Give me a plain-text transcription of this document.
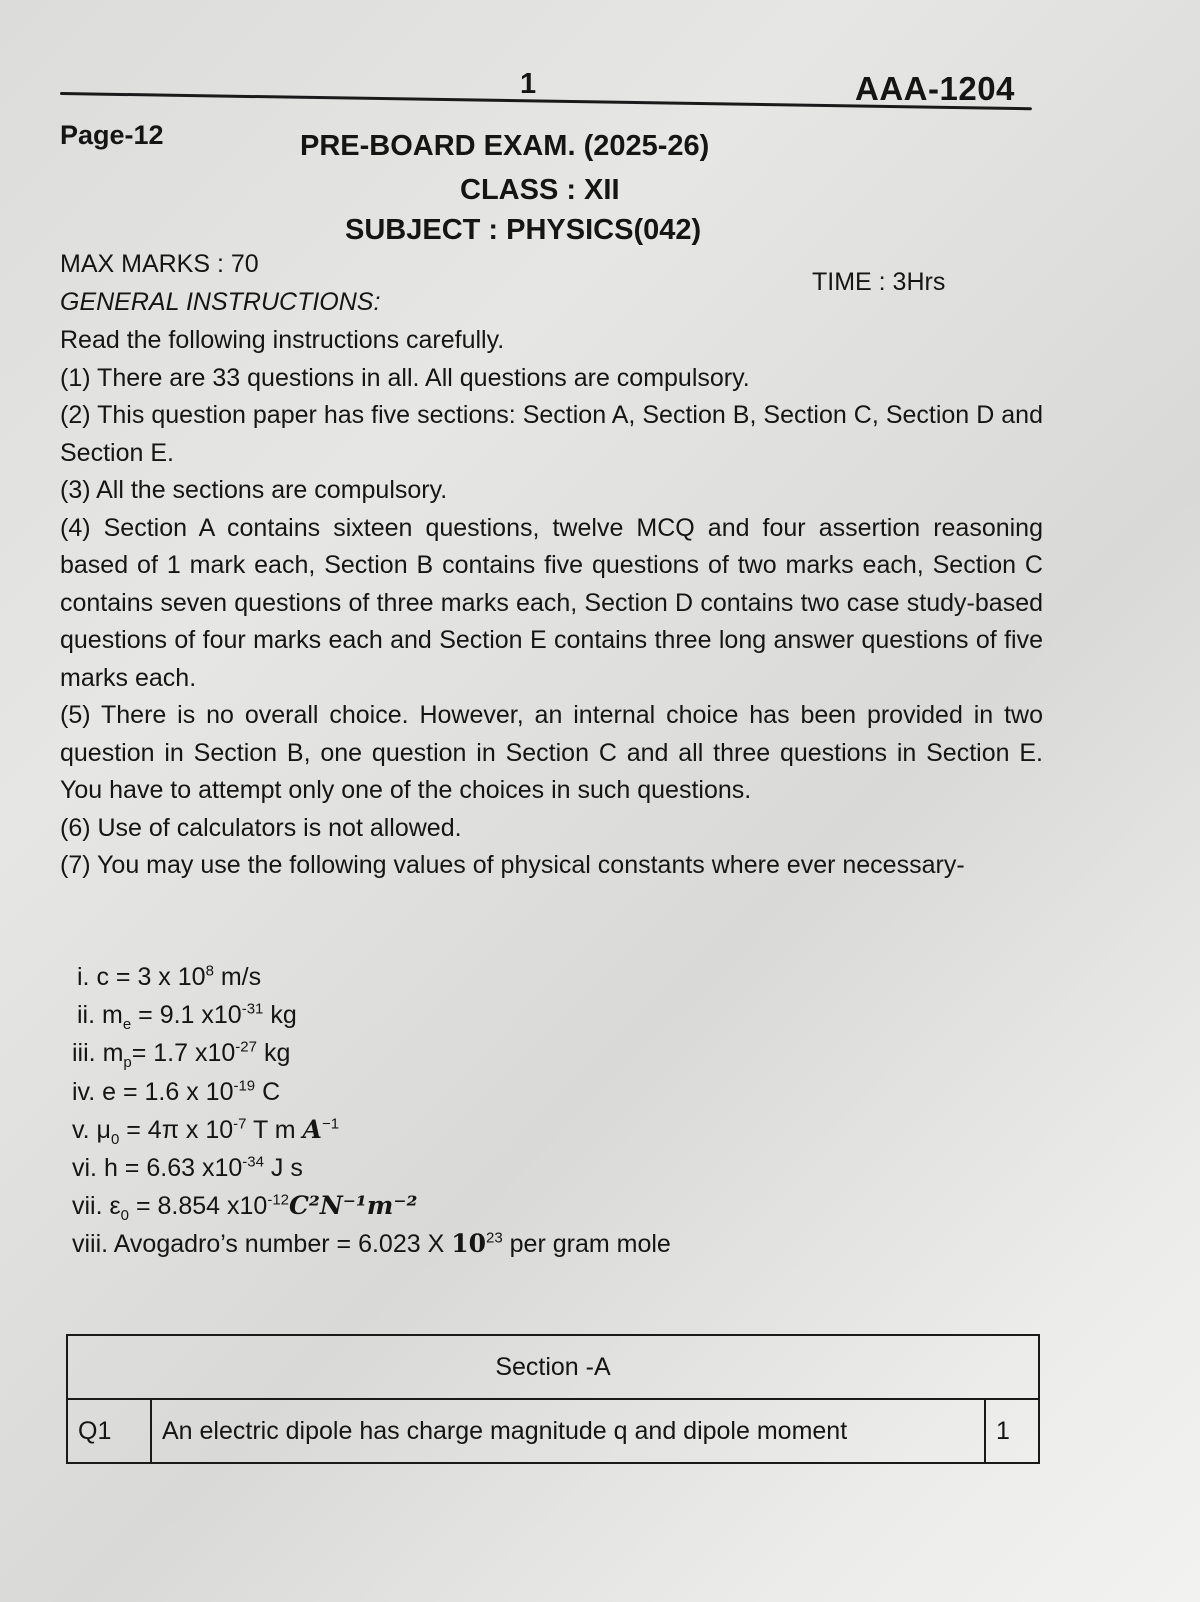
1	AAA-1204
Page-12	PRE-BOARD EXAM. (2025-26)
CLASS : XII
SUBJECT : PHYSICS(042)
MAX MARKS : 70
TIME : 3Hrs
GENERAL INSTRUCTIONS:

Read the following instructions carefully.

(1) There are 33 questions in all. All questions are compulsory.

(2) This question paper has five sections: Section A, Section B, Section C, Section D and Section E.

(3) All the sections are compulsory.

(4) Section A contains sixteen questions, twelve MCQ and four assertion reasoning based of 1 mark each, Section B contains five questions of two marks each, Section C contains seven questions of three marks each, Section D contains two case study-based questions of four marks each and Section E contains three long answer questions of five marks each.

(5) There is no overall choice. However, an internal choice has been provided in two question in Section B, one question in Section C and all three questions in Section E. You have to attempt only one of the choices in such questions.

(6) Use of calculators is not allowed.

(7) You may use the following values of physical constants where ever necessary-

i. c = 3 x $10^8$ m/s
ii. $m_e = 9.1$ $x10^{-31}$ kg
iii. $m_p= 1.7$ $x10^{-27}$ kg
iv. e = 1.6 x $10^{-19}$ C
v. $\mu_0 = 4\pi$ x $10^{-7}$ T m $A^{-1}$
vi. h = 6.63 $x10^{-34}$ J s
vii. $\varepsilon_0 = 8.854$ $x10^{-12}C^2N^{-1}m^{-2}$
viii. Avogadro’s number = 6.023 X $10^{23}$ per gram mole
Section -A
Q1	An electric dipole has charge magnitude q and dipole moment	1
